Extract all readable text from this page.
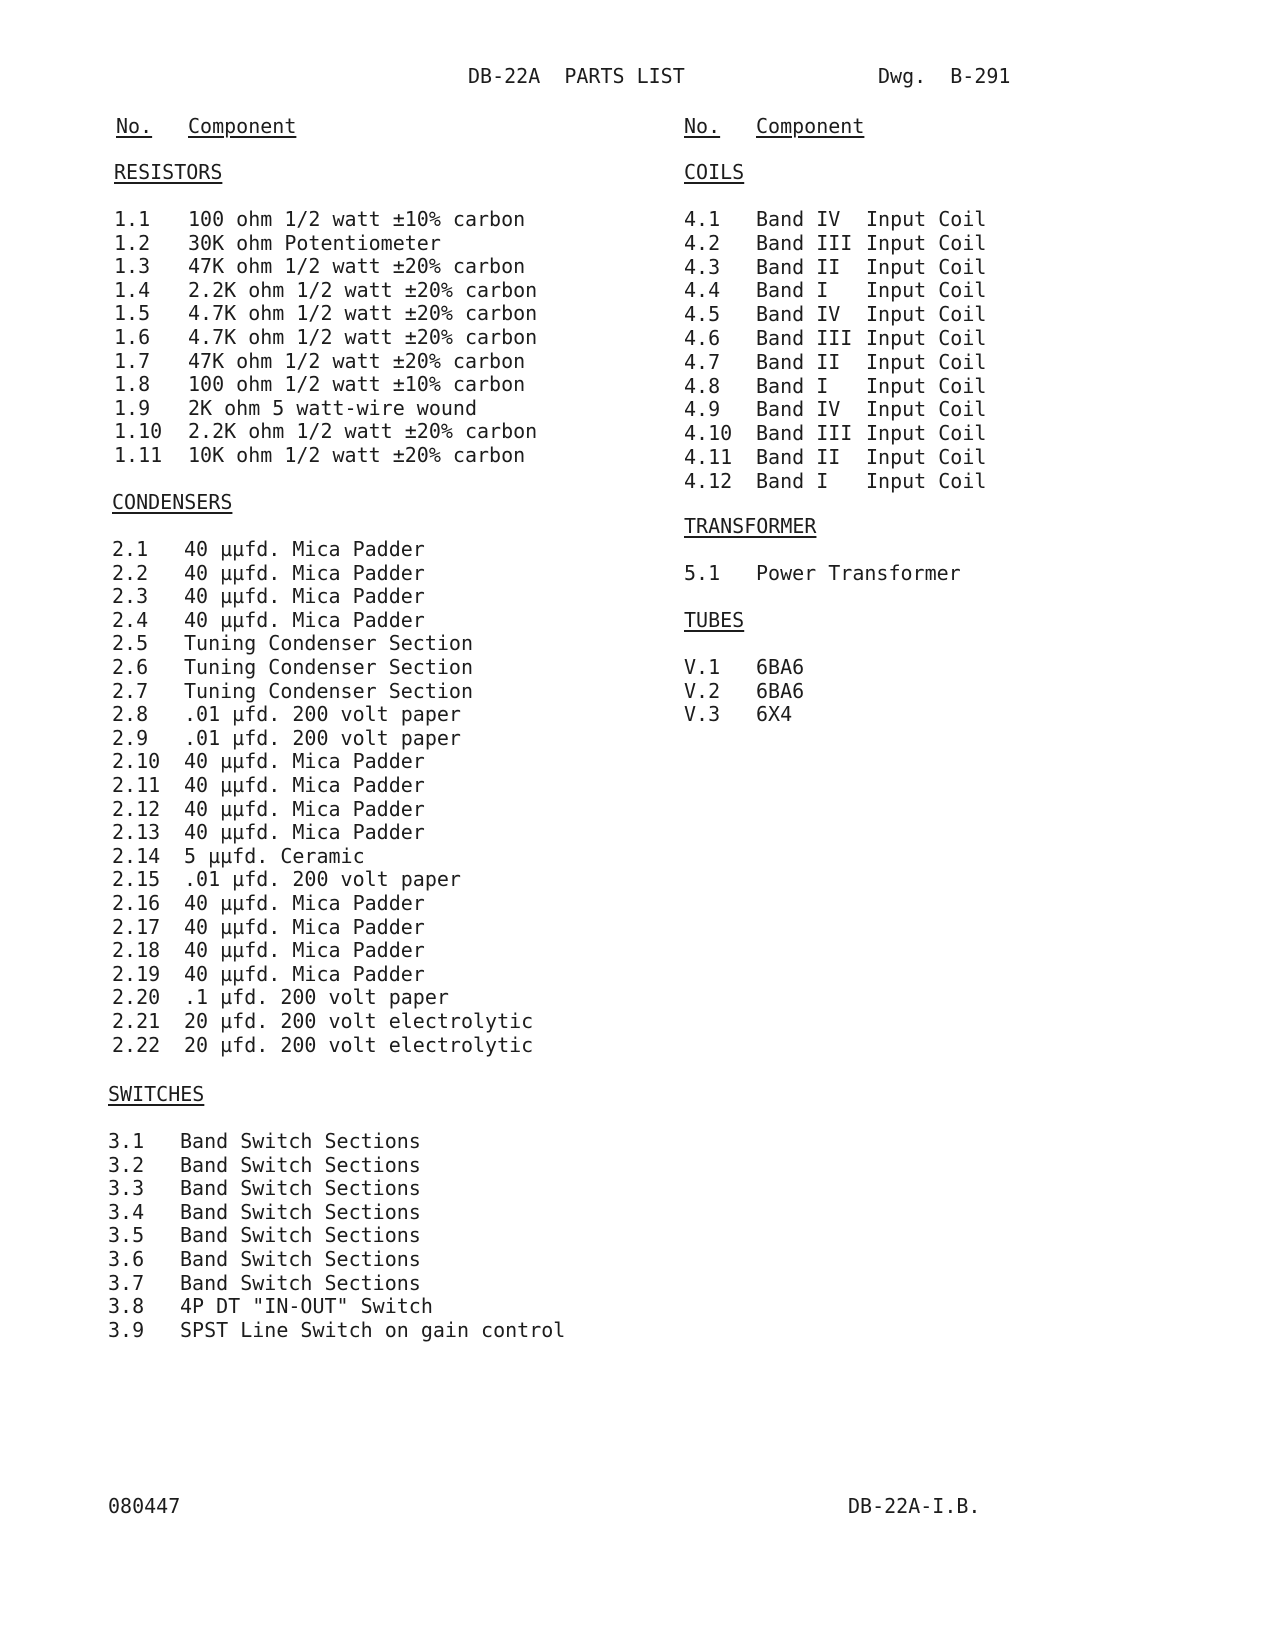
DB-22A  PARTS LIST	Dwg.  B-291
No. Component	No. Component
RESISTORS
1.1 100 ohm 1/2 watt ±10% carbon
1.2 30K ohm Potentiometer
1.3 47K ohm 1/2 watt ±20% carbon
1.4 2.2K ohm 1/2 watt ±20% carbon
1.5 4.7K ohm 1/2 watt ±20% carbon
1.6 4.7K ohm 1/2 watt ±20% carbon
1.7 47K ohm 1/2 watt ±20% carbon
1.8 100 ohm 1/2 watt ±10% carbon
1.9 2K ohm 5 watt-wire wound
1.10 2.2K ohm 1/2 watt ±20% carbon
1.11 10K ohm 1/2 watt ±20% carbon
CONDENSERS
2.1 40 µµfd. Mica Padder
2.2 40 µµfd. Mica Padder
2.3 40 µµfd. Mica Padder
2.4 40 µµfd. Mica Padder
2.5 Tuning Condenser Section
2.6 Tuning Condenser Section
2.7 Tuning Condenser Section
2.8 .01 µfd. 200 volt paper
2.9 .01 µfd. 200 volt paper
2.10 40 µµfd. Mica Padder
2.11 40 µµfd. Mica Padder
2.12 40 µµfd. Mica Padder
2.13 40 µµfd. Mica Padder
2.14 5 µµfd. Ceramic
2.15 .01 µfd. 200 volt paper
2.16 40 µµfd. Mica Padder
2.17 40 µµfd. Mica Padder
2.18 40 µµfd. Mica Padder
2.19 40 µµfd. Mica Padder
2.20 .1 µfd. 200 volt paper
2.21 20 µfd. 200 volt electrolytic
2.22 20 µfd. 200 volt electrolytic
SWITCHES
3.1 Band Switch Sections
3.2 Band Switch Sections
3.3 Band Switch Sections
3.4 Band Switch Sections
3.5 Band Switch Sections
3.6 Band Switch Sections
3.7 Band Switch Sections
3.8 4P DT "IN-OUT" Switch
3.9 SPST Line Switch on gain control
COILS
4.1 Band IV Input Coil
4.2 Band III Input Coil
4.3 Band II Input Coil
4.4 Band I Input Coil
4.5 Band IV Input Coil
4.6 Band III Input Coil
4.7 Band II Input Coil
4.8 Band I Input Coil
4.9 Band IV Input Coil
4.10 Band III Input Coil
4.11 Band II Input Coil
4.12 Band I Input Coil
TRANSFORMER
5.1 Power Transformer
TUBES
V.1 6BA6
V.2 6BA6
V.3 6X4
080447	DB-22A-I.B.
